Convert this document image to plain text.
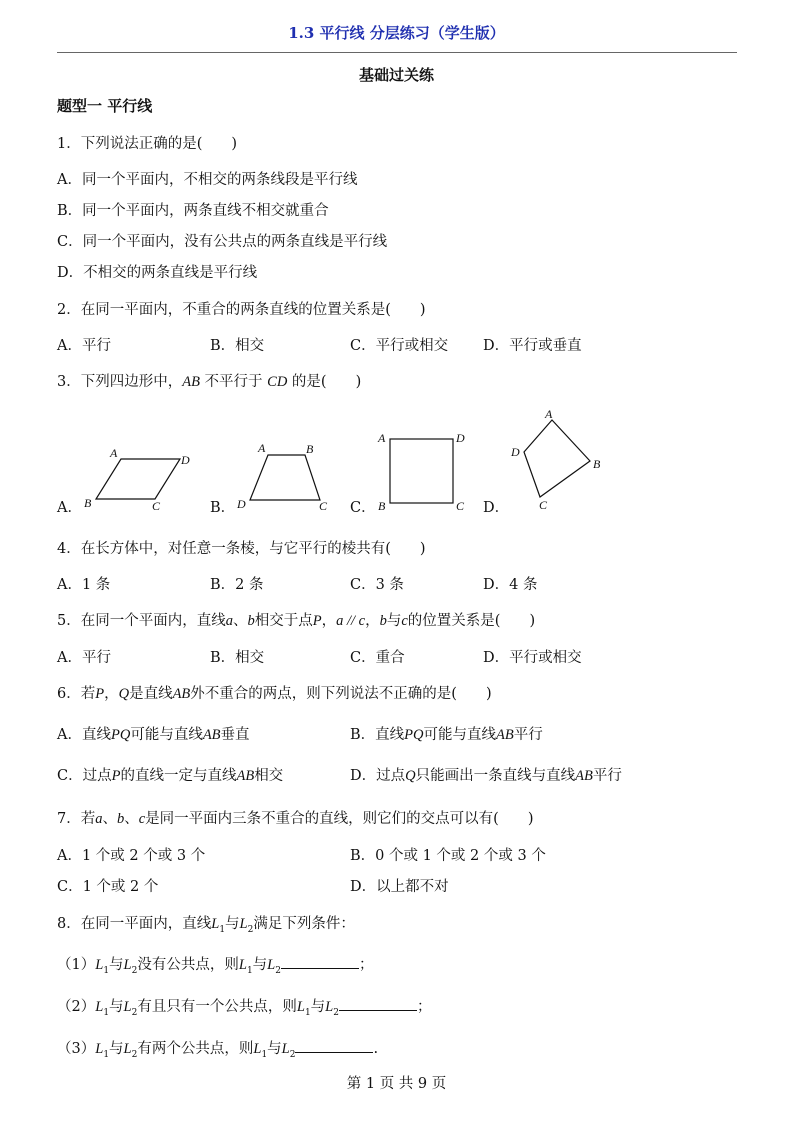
1.3 平行线 分层练习（学生版）
基础过关练
题型一 平行线
1．下列说法正确的是(　　)
A．同一个平面内，不相交的两条线段是平行线
B．同一个平面内，两条直线不相交就重合
C．同一个平面内，没有公共点的两条直线是平行线
D．不相交的两条直线是平行线
2．在同一平面内，不重合的两条直线的位置关系是(　　)
A．平行	B．相交	C．平行或相交 D．平行或垂直
3．下列四边形中，AB 不平行于 CD 的是(　　)
A．	B．	C．	D．
A	D
B	C
A	B
D	C
A	D
B	C
A
D
B
C
4．在长方体中，对任意一条棱，与它平行的棱共有(　　)
A．1 条	B．2 条	C．3 条	D．4 条
5．在同一个平面内，直线a、b相交于点P，a // c，b与c的位置关系是(　　)
A．平行	B．相交	C．重合	D．平行或相交
6．若P，Q是直线AB外不重合的两点，则下列说法不正确的是(　　)
A．直线PQ可能与直线AB垂直	B．直线PQ可能与直线AB平行
C．过点P的直线一定与直线AB相交	D．过点Q只能画出一条直线与直线AB平行
7．若a、b、c是同一平面内三条不重合的直线，则它们的交点可以有(　　)
A．1 个或 2 个或 3 个	B．0 个或 1 个或 2 个或 3 个
C．1 个或 2 个	D．以上都不对
8．在同一平面内，直线$L_1$与$L_2$满足下列条件：
$(1)L_1$与$L_2$没有公共点，则$L_1$与$L_2$	；
$(2)L_1$与$L_2$有且只有一个公共点，则$L_1$与$L_2$	；
$(3)L_1$与$L_2$有两个公共点，则$L_1$与$L_2$	.
第 1 页 共 9 页
